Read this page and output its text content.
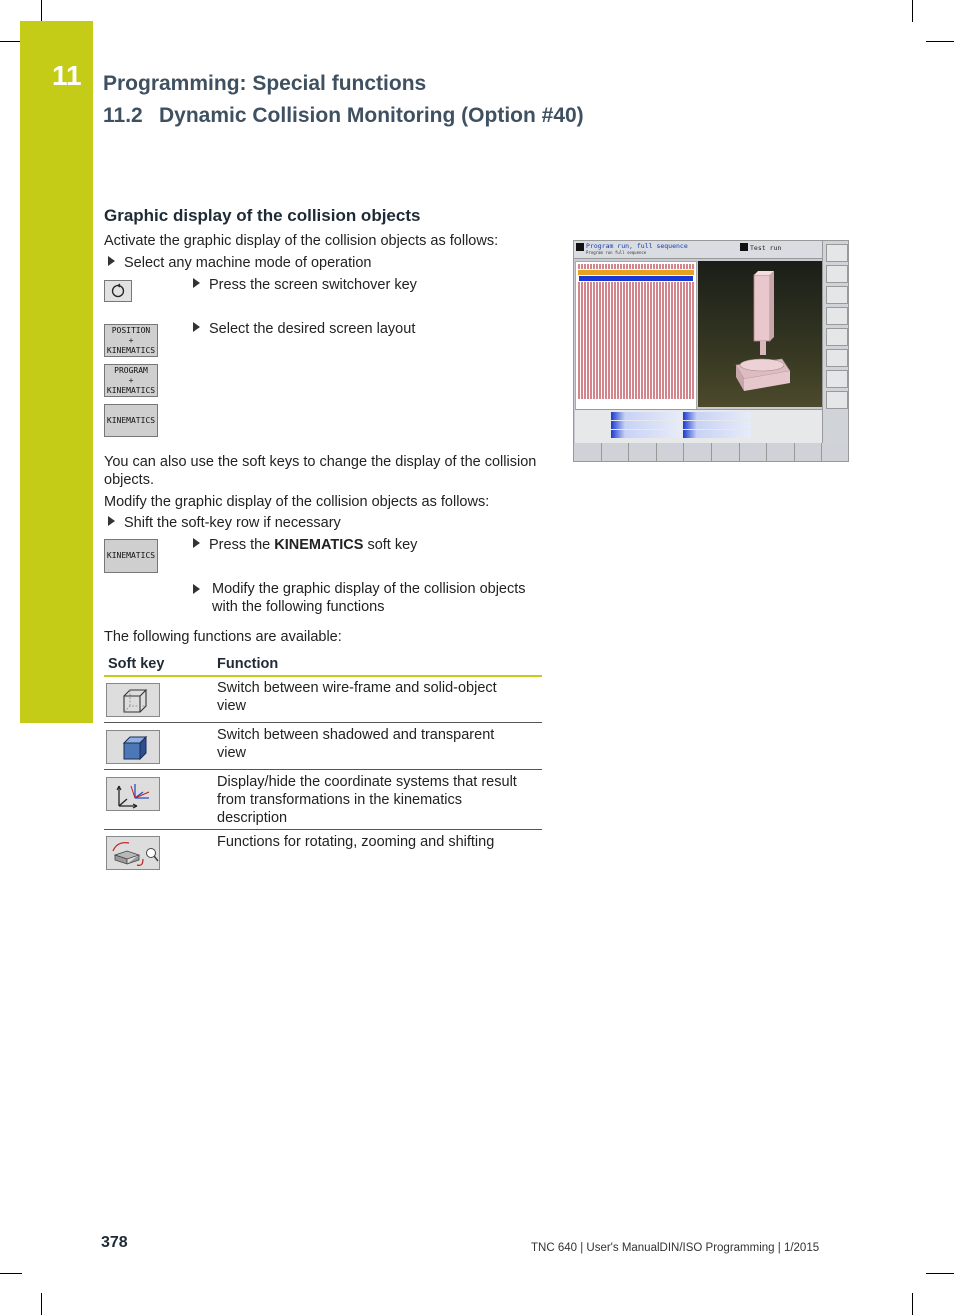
11 Programming: Special functions
11.2 Dynamic Collision Monitoring (Option #40)
Graphic display of the collision objects
Activate the graphic display of the collision objects as follows:
Select any machine mode of operation
Press the screen switchover key
POSITION
+
KINEMATICS
Select the desired screen layout
PROGRAM
+
KINEMATICS
KINEMATICS
You can also use the soft keys to change the display of the collision objects.
Modify the graphic display of the collision objects as follows:
Shift the soft-key row if necessary
KINEMATICS
Press the KINEMATICS soft key
Modify the graphic display of the collision objects with the following functions
The following functions are available:
Soft key	Function
Switch between wire-frame and solid-object view
Switch between shadowed and transparent view
Display/hide the coordinate systems that result from transformations in the kinematics description
Functions for rotating, zooming and shifting
Program run, full sequence
Program run full sequence
Test run
378	TNC 640 | User's ManualDIN/ISO Programming | 1/2015
